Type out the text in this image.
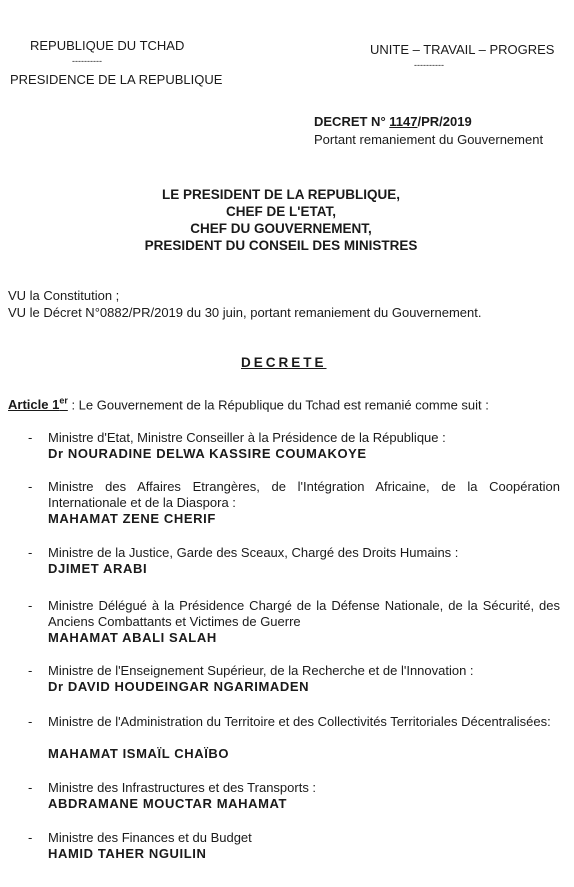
REPUBLIQUE DU TCHAD
----------
PRESIDENCE DE LA REPUBLIQUE
UNITE – TRAVAIL – PROGRES
----------
DECRET N° 1147/PR/2019
Portant remaniement du Gouvernement
LE PRESIDENT DE LA REPUBLIQUE,
CHEF DE L'ETAT,
CHEF DU GOUVERNEMENT,
PRESIDENT DU CONSEIL DES MINISTRES
VU la Constitution ;
VU le Décret N°0882/PR/2019 du 30 juin, portant remaniement du Gouvernement.
DECRETE
Article 1er : Le Gouvernement de la République du Tchad est remanié comme suit :
- Ministre d'Etat, Ministre Conseiller à la Présidence de la République :
Dr NOURADINE DELWA KASSIRE COUMAKOYE
- Ministre des Affaires Etrangères, de l'Intégration Africaine, de la Coopération Internationale et de la Diaspora :
MAHAMAT ZENE CHERIF
- Ministre de la Justice, Garde des Sceaux, Chargé des Droits Humains :
DJIMET ARABI
- Ministre Délégué à la Présidence Chargé de la Défense Nationale, de la Sécurité, des Anciens Combattants et Victimes de Guerre
MAHAMAT ABALI SALAH
- Ministre de l'Enseignement Supérieur, de la Recherche et de l'Innovation :
Dr DAVID HOUDEINGAR NGARIMADEN
- Ministre de l'Administration du Territoire et des Collectivités Territoriales Décentralisées:
MAHAMAT ISMAÏL CHAÏBO
- Ministre des Infrastructures et des Transports :
ABDRAMANE MOUCTAR MAHAMAT
- Ministre des Finances et du Budget
HAMID TAHER NGUILIN
